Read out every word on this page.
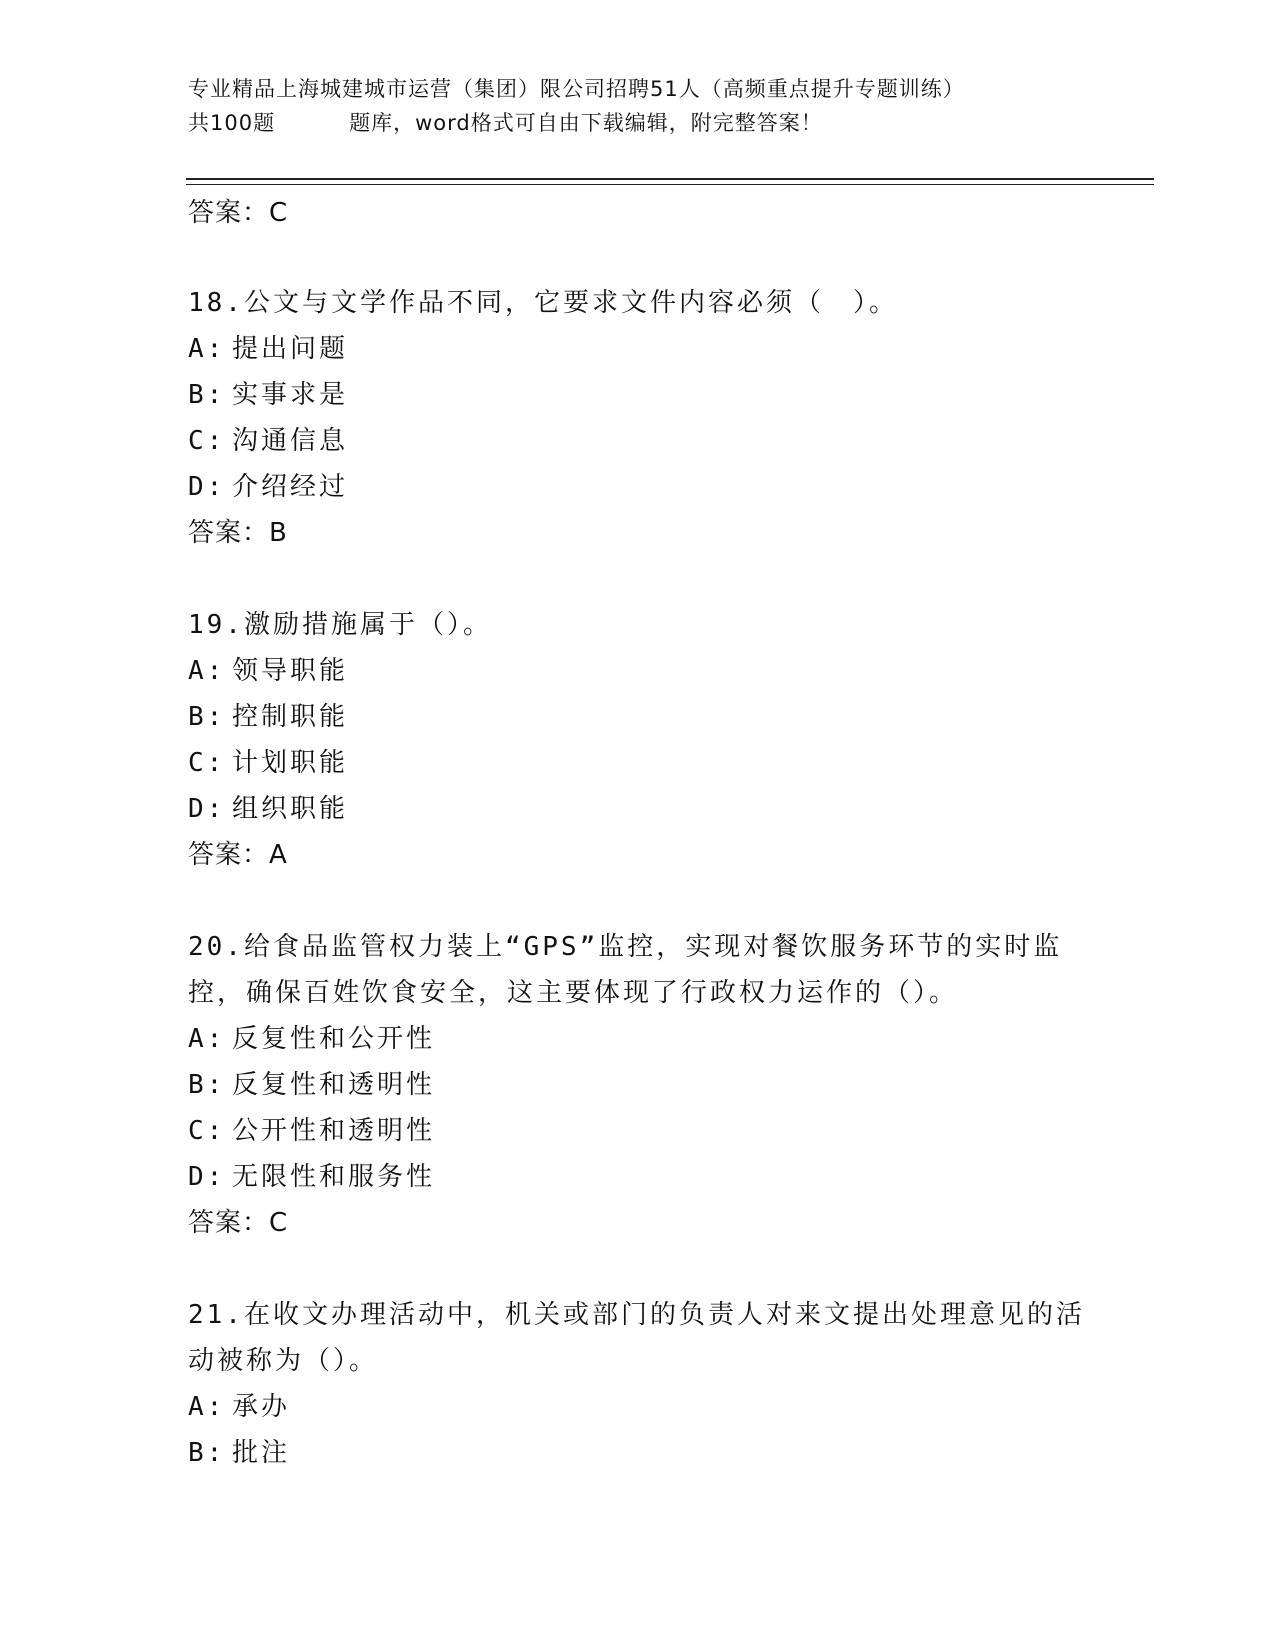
专业精品上海城建城市运营（集团）限公司招聘51人（高频重点提升专题训练）
共100题	题库，word格式可自由下载编辑，附完整答案！

答案：C

18.公文与文学作品不同，它要求文件内容必须（　）。

A: 提出问题

B: 实事求是

C: 沟通信息

D: 介绍经过

答案：B

19.激励措施属于（）。

A: 领导职能

B: 控制职能

C: 计划职能

D: 组织职能

答案：A

20.给食品监管权力装上“GPS”监控，实现对餐饮服务环节的实时监

控，确保百姓饮食安全，这主要体现了行政权力运作的（）。

A: 反复性和公开性

B: 反复性和透明性

C: 公开性和透明性

D: 无限性和服务性

答案：C

21.在收文办理活动中，机关或部门的负责人对来文提出处理意见的活

动被称为（）。

A: 承办

B: 批注
